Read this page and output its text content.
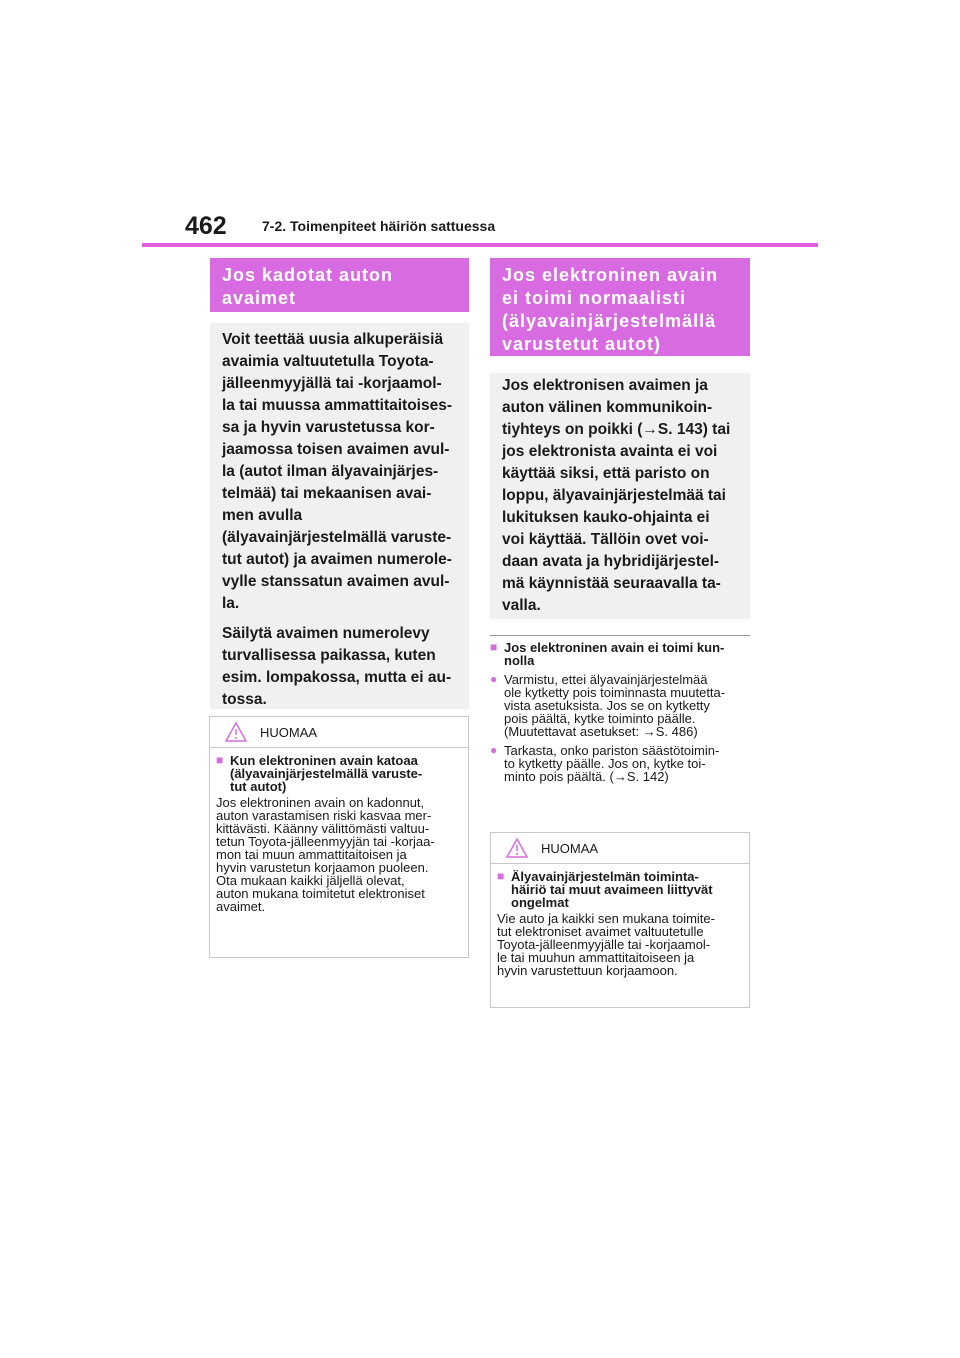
462	7-2. Toimenpiteet häiriön sattuessa
Jos kadotat auton
avaimet

Voit teettää uusia alkuperäisiä
avaimia valtuutetulla Toyota-
jälleenmyyjällä tai -korjaamol-
la tai muussa ammattitaitoises-
sa ja hyvin varustetussa kor-
jaamossa toisen avaimen avul-
la (autot ilman älyavainjärjes-
telmää) tai mekaanisen avai-
men avulla
(älyavainjärjestelmällä varuste-
tut autot) ja avaimen numerole-
vylle stanssatun avaimen avul-
la.

Säilytä avaimen numerolevy
turvallisessa paikassa, kuten
esim. lompakossa, mutta ei au-
tossa.

HUOMAA
■ Kun elektroninen avain katoaa
(älyavainjärjestelmällä varuste-
tut autot)
Jos elektroninen avain on kadonnut,
auton varastamisen riski kasvaa mer-
kittävästi. Käänny välittömästi valtuu-
tetun Toyota-jälleenmyyjän tai -korjaa-
mon tai muun ammattitaitoisen ja
hyvin varustetun korjaamon puoleen.
Ota mukaan kaikki jäljellä olevat,
auton mukana toimitetut elektroniset
avaimet.
Jos elektroninen avain
ei toimi normaalisti
(älyavainjärjestelmällä
varustetut autot)

Jos elektronisen avaimen ja
auton välinen kommunikoin-
tiyhteys on poikki (→S. 143) tai
jos elektronista avainta ei voi
käyttää siksi, että paristo on
loppu, älyavainjärjestelmää tai
lukituksen kauko-ohjainta ei
voi käyttää. Tällöin ovet voi-
daan avata ja hybridijärjestel-
mä käynnistää seuraavalla ta-
valla.

■ Jos elektroninen avain ei toimi kun-
nolla
● Varmistu, ettei älyavainjärjestelmää
ole kytketty pois toiminnasta muutetta-
vista asetuksista. Jos se on kytketty
pois päältä, kytke toiminto päälle.
(Muutettavat asetukset: →S. 486)
● Tarkasta, onko pariston säästötoimin-
to kytketty päälle. Jos on, kytke toi-
minto pois päältä. (→S. 142)
HUOMAA
■ Älyavainjärjestelmän toiminta-
häiriö tai muut avaimeen liittyvät
ongelmat
Vie auto ja kaikki sen mukana toimite-
tut elektroniset avaimet valtuutetulle
Toyota-jälleenmyyjälle tai -korjaamol-
le tai muuhun ammattitaitoiseen ja
hyvin varustettuun korjaamoon.
